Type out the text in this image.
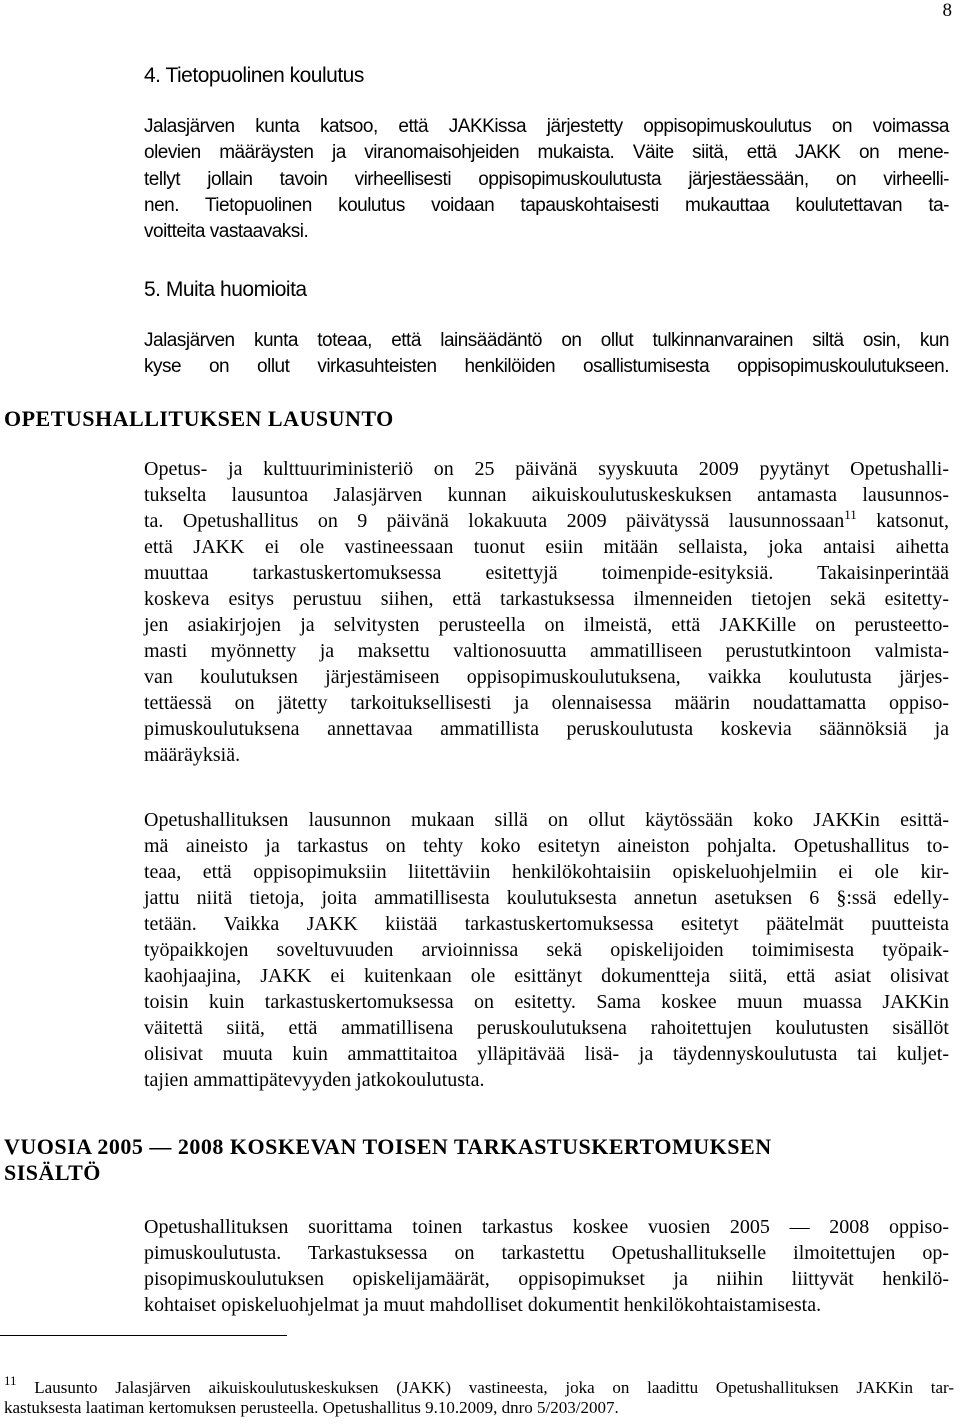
8
4. Tietopuolinen koulutus
Jalasjärven kunta katsoo, että JAKKissa järjestetty oppisopimuskoulutus on voimassa
olevien määräysten ja viranomaisohjeiden mukaista. Väite siitä, että JAKK on mene-
tellyt jollain tavoin virheellisesti oppisopimuskoulutusta järjestäessään, on virheelli-
nen. Tietopuolinen koulutus voidaan tapauskohtaisesti mukauttaa koulutettavan ta-
voitteita vastaavaksi.
5. Muita huomioita
Jalasjärven kunta toteaa, että lainsäädäntö on ollut tulkinnanvarainen siltä osin, kun
kyse on ollut virkasuhteisten henkilöiden osallistumisesta oppisopimuskoulutukseen.
OPETUSHALLITUKSEN LAUSUNTO
Opetus- ja kulttuuriministeriö on 25 päivänä syyskuuta 2009 pyytänyt Opetushalli-
tukselta lausuntoa Jalasjärven kunnan aikuiskoulutuskeskuksen antamasta lausunnos-
ta. Opetushallitus on 9 päivänä lokakuuta 2009 päivätyssä lausunnossaan$^{11}$ katsonut,
että JAKK ei ole vastineessaan tuonut esiin mitään sellaista, joka antaisi aihetta
muuttaa tarkastuskertomuksessa esitettyjä toimenpide-esityksiä. Takaisinperintää
koskeva esitys perustuu siihen, että tarkastuksessa ilmenneiden tietojen sekä esitetty-
jen asiakirjojen ja selvitysten perusteella on ilmeistä, että JAKKille on perusteetto-
masti myönnetty ja maksettu valtionosuutta ammatilliseen perustutkintoon valmista-
van koulutuksen järjestämiseen oppisopimuskoulutuksena, vaikka koulutusta järjes-
tettäessä on jätetty tarkoituksellisesti ja olennaisessa määrin noudattamatta oppiso-
pimuskoulutuksena annettavaa ammatillista peruskoulutusta koskevia säännöksiä ja
määräyksiä.
Opetushallituksen lausunnon mukaan sillä on ollut käytössään koko JAKKin esittä-
mä aineisto ja tarkastus on tehty koko esitetyn aineiston pohjalta. Opetushallitus to-
teaa, että oppisopimuksiin liitettäviin henkilökohtaisiin opiskeluohjelmiin ei ole kir-
jattu niitä tietoja, joita ammatillisesta koulutuksesta annetun asetuksen 6 §:ssä edelly-
tetään. Vaikka JAKK kiistää tarkastuskertomuksessa esitetyt päätelmät puutteista
työpaikkojen soveltuvuuden arvioinnissa sekä opiskelijoiden toimimisesta työpaik-
kaohjaajina, JAKK ei kuitenkaan ole esittänyt dokumentteja siitä, että asiat olisivat
toisin kuin tarkastuskertomuksessa on esitetty. Sama koskee muun muassa JAKKin
väitettä siitä, että ammatillisena peruskoulutuksena rahoitettujen koulutusten sisällöt
olisivat muuta kuin ammattitaitoa ylläpitävää lisä- ja täydennyskoulutusta tai kuljet-
tajien ammattipätevyyden jatkokoulutusta.
VUOSIA 2005 — 2008 KOSKEVAN TOISEN TARKASTUSKERTOMUKSEN
SISÄLTÖ
Opetushallituksen suorittama toinen tarkastus koskee vuosien 2005 — 2008 oppiso-
pimuskoulutusta. Tarkastuksessa on tarkastettu Opetushallitukselle ilmoitettujen op-
pisopimuskoulutuksen opiskelijamäärät, oppisopimukset ja niihin liittyvät henkilö-
kohtaiset opiskeluohjelmat ja muut mahdolliset dokumentit henkilökohtaistamisesta.
$^{11}$ Lausunto Jalasjärven aikuiskoulutuskeskuksen (JAKK) vastineesta, joka on laadittu Opetushallituksen JAKKin tar-
kastuksesta laatiman kertomuksen perusteella. Opetushallitus 9.10.2009, dnro 5/203/2007.
